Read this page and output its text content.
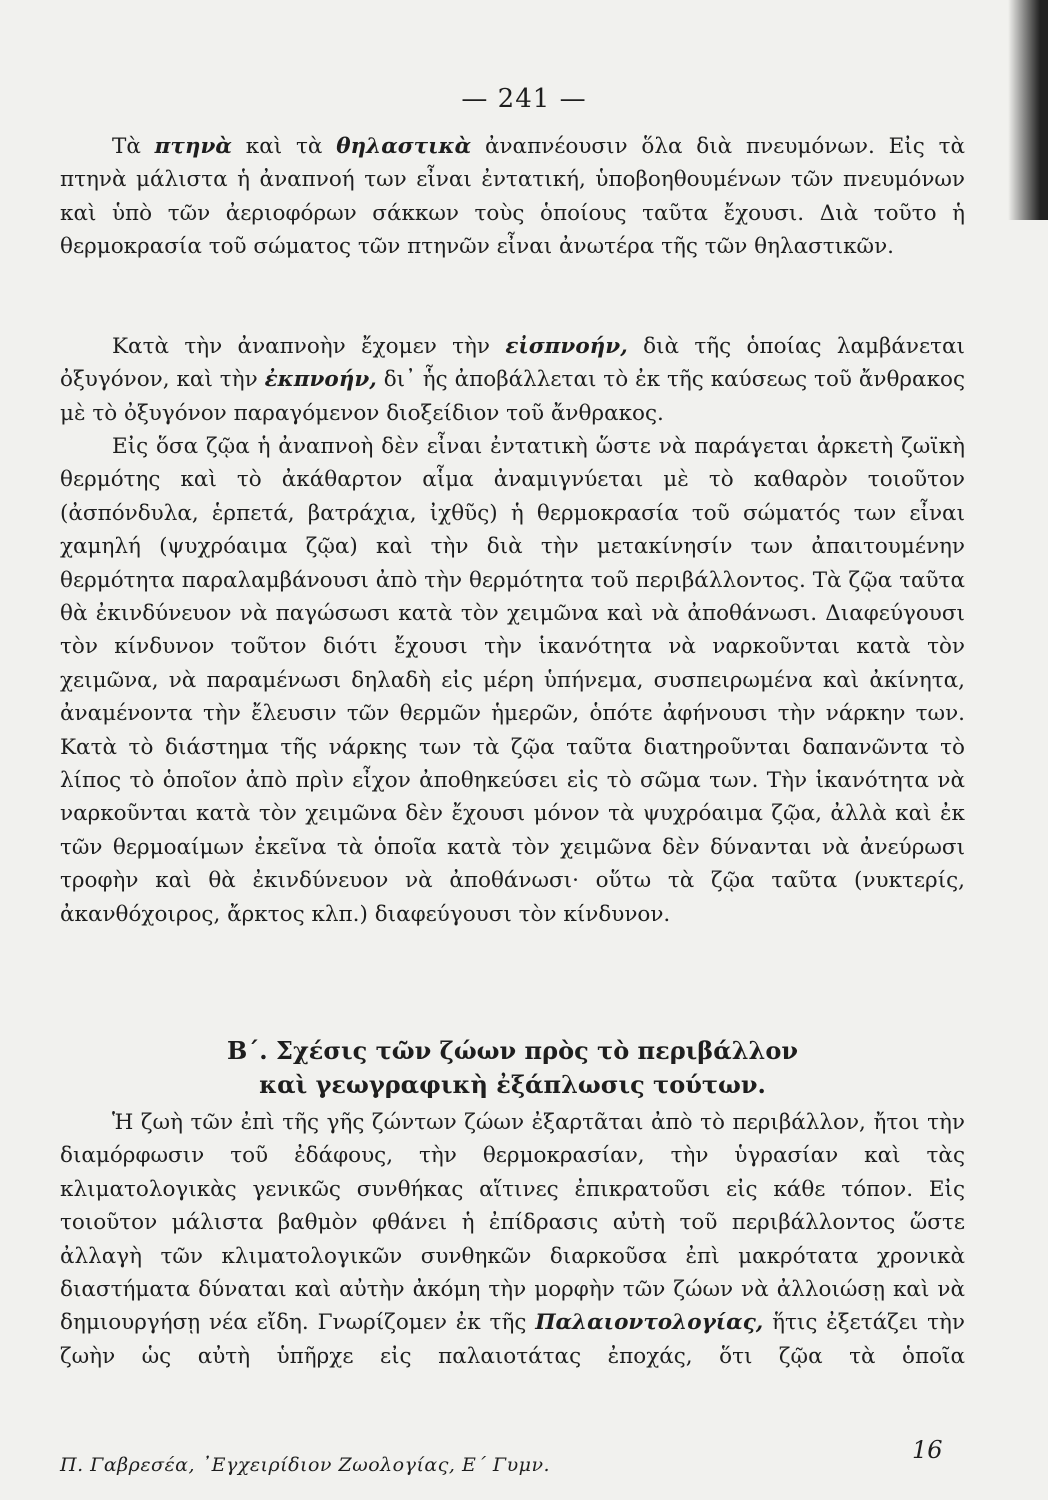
— 241 —

Τὰ πτηνὰ καὶ τὰ θηλαστικὰ ἀναπνέουσιν ὅλα διὰ πνευμόνων. Εἰς τὰ πτηνὰ μάλιστα ἡ ἀναπνοή των εἶναι ἐντατική, ὑποβοηθουμένων τῶν πνευμόνων καὶ ὑπὸ τῶν ἀεριοφόρων σάκκων τοὺς ὁποίους ταῦτα ἔχουσι. Διὰ τοῦτο ἡ θερμοκρασία τοῦ σώματος τῶν πτηνῶν εἶναι ἀνωτέρα τῆς τῶν θηλαστικῶν.

Κατὰ τὴν ἀναπνοὴν ἔχομεν τὴν εἰσπνοήν, διὰ τῆς ὁποίας λαμβάνεται ὀξυγόνον, καὶ τὴν ἐκπνοήν, δι᾿ ἧς ἀποβάλλεται τὸ ἐκ τῆς καύσεως τοῦ ἄνθρακος μὲ τὸ ὀξυγόνον παραγόμενον διοξείδιον τοῦ ἄνθρακος.

Εἰς ὅσα ζῷα ἡ ἀναπνοὴ δὲν εἶναι ἐντατικὴ ὥστε νὰ παράγεται ἀρκετὴ ζωϊκὴ θερμότης καὶ τὸ ἀκάθαρτον αἷμα ἀναμιγνύεται μὲ τὸ καθαρὸν τοιοῦτον (ἀσπόνδυλα, ἑρπετά, βατράχια, ἰχθῦς) ἡ θερμοκρασία τοῦ σώματός των εἶναι χαμηλή (ψυχρόαιμα ζῷα) καὶ τὴν διὰ τὴν μετακίνησίν των ἀπαιτουμένην θερμότητα παραλαμβάνουσι ἀπὸ τὴν θερμότητα τοῦ περιβάλλοντος. Τὰ ζῷα ταῦτα θὰ ἐκινδύνευον νὰ παγώσωσι κατὰ τὸν χειμῶνα καὶ νὰ ἀποθάνωσι. Διαφεύγουσι τὸν κίνδυνον τοῦτον διότι ἔχουσι τὴν ἱκανότητα νὰ ναρκοῦνται κατὰ τὸν χειμῶνα, νὰ παραμένωσι δηλαδὴ εἰς μέρη ὑπήνεμα, συσπειρωμένα καὶ ἀκίνητα, ἀναμένοντα τὴν ἔλευσιν τῶν θερμῶν ἡμερῶν, ὁπότε ἀφήνουσι τὴν νάρκην των. Κατὰ τὸ διάστημα τῆς νάρκης των τὰ ζῷα ταῦτα διατηροῦνται δαπανῶντα τὸ λίπος τὸ ὁποῖον ἀπὸ πρὶν εἶχον ἀποθηκεύσει εἰς τὸ σῶμα των. Τὴν ἱκανότητα νὰ ναρκοῦνται κατὰ τὸν χειμῶνα δὲν ἔχουσι μόνον τὰ ψυχρόαιμα ζῷα, ἀλλὰ καὶ ἐκ τῶν θερμοαίμων ἐκεῖνα τὰ ὁποῖα κατὰ τὸν χειμῶνα δὲν δύνανται νὰ ἀνεύρωσι τροφὴν καὶ θὰ ἐκινδύνευον νὰ ἀποθάνωσι· οὕτω τὰ ζῷα ταῦτα (νυκτερίς, ἀκανθόχοιρος, ἄρκτος κλπ.) διαφεύγουσι τὸν κίνδυνον.

Β΄. Σχέσις τῶν ζώων πρὸς τὸ περιβάλλον
καὶ γεωγραφικὴ ἐξάπλωσις τούτων.

Ἡ ζωὴ τῶν ἐπὶ τῆς γῆς ζώντων ζώων ἐξαρτᾶται ἀπὸ τὸ περιβάλλον, ἤτοι τὴν διαμόρφωσιν τοῦ ἐδάφους, τὴν θερμοκρασίαν, τὴν ὑγρασίαν καὶ τὰς κλιματολογικὰς γενικῶς συνθήκας αἵτινες ἐπικρατοῦσι εἰς κάθε τόπον. Εἰς τοιοῦτον μάλιστα βαθμὸν φθάνει ἡ ἐπίδρασις αὐτὴ τοῦ περιβάλλοντος ὥστε ἀλλαγὴ τῶν κλιματολογικῶν συνθηκῶν διαρκοῦσα ἐπὶ μακρότατα χρονικὰ διαστήματα δύναται καὶ αὐτὴν ἀκόμη τὴν μορφὴν τῶν ζώων νὰ ἀλλοιώσῃ καὶ νὰ δημιουργήσῃ νέα εἴδη. Γνωρίζομεν ἐκ τῆς Παλαιοντολογίας, ἥτις ἐξετάζει τὴν ζωὴν ὡς αὐτὴ ὑπῆρχε εἰς παλαιοτάτας ἐποχάς, ὅτι ζῷα τὰ ὁποῖα

Π. Γαβρεσέα, ᾿Εγχειρίδιον Ζωολογίας, Ε΄ Γυμν.
16
